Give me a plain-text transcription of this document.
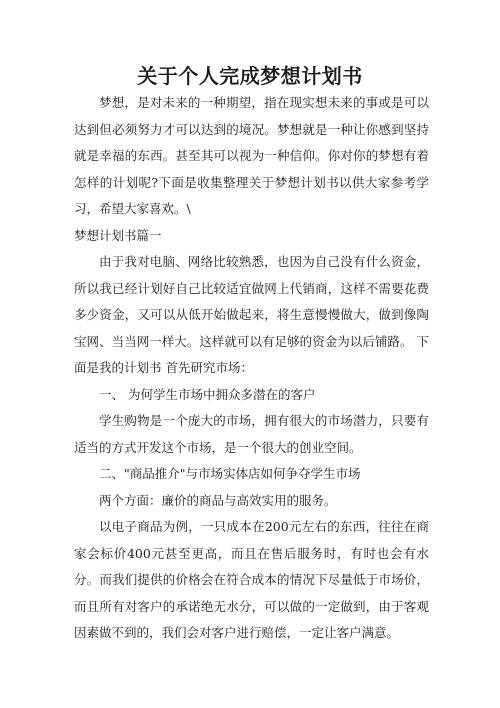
关于个人完成梦想计划书

梦想，是对未来的一种期望，指在现实想未来的事或是可以达到但必须努力才可以达到的境况。梦想就是一种让你感到坚持就是幸福的东西。甚至其可以视为一种信仰。你对你的梦想有着怎样的计划呢?下面是收集整理关于梦想计划书以供大家参考学习，希望大家喜欢。\

梦想计划书篇一

由于我对电脑、网络比较熟悉，也因为自己没有什么资金，所以我已经计划好自己比较适宜做网上代销商，这样不需要花费多少资金，又可以从低开始做起来，将生意慢慢做大，做到像陶宝网、当当网一样大。这样就可以有足够的资金为以后铺路。 下面是我的计划书 首先研究市场：

一、 为何学生市场中拥众多潜在的客户

学生购物是一个庞大的市场，拥有很大的市场潜力，只要有适当的方式开发这个市场，是一个很大的创业空间。

二、"商品推介"与市场实体店如何争夺学生市场

两个方面：廉价的商品与高效实用的服务。

以电子商品为例，一只成本在200元左右的东西，往往在商家会标价400元甚至更高，而且在售后服务时，有时也会有水分。而我们提供的价格会在符合成本的情况下尽量低于市场价，而且所有对客户的承诺绝无水分，可以做的一定做到，由于客观因素做不到的，我们会对客户进行赔偿，一定让客户满意。
